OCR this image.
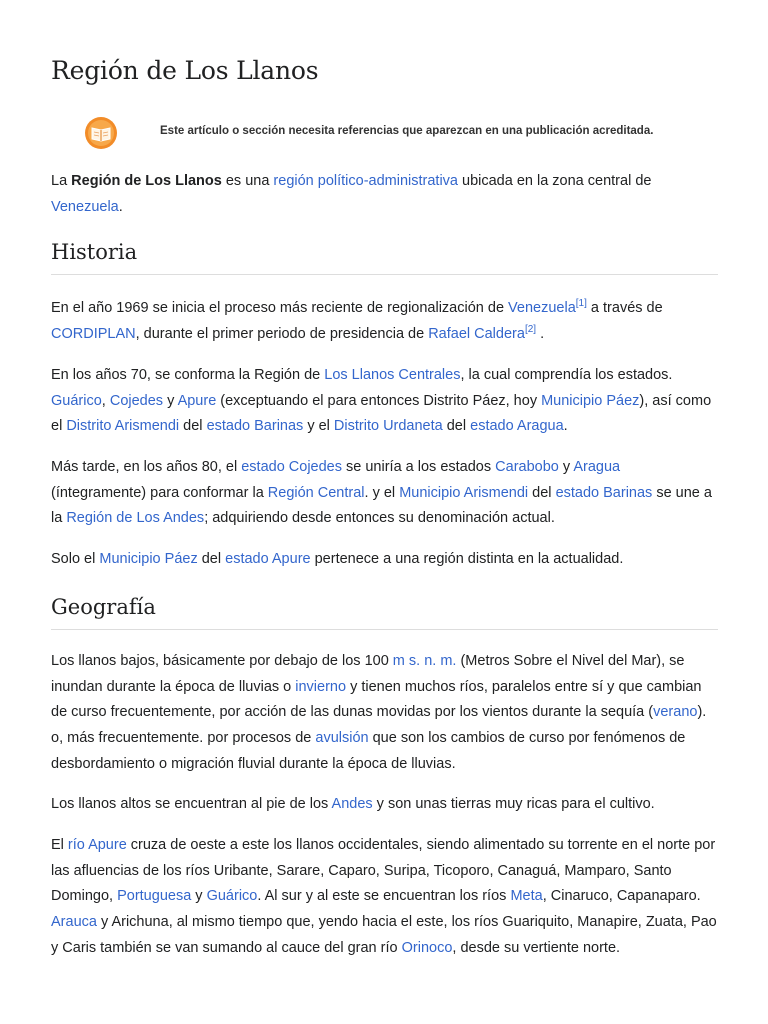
Región de Los Llanos
Este artículo o sección necesita referencias que aparezcan en una publicación acreditada.

La Región de Los Llanos es una región político-administrativa ubicada en la zona central de Venezuela.

Historia

En el año 1969 se inicia el proceso más reciente de regionalización de Venezuela[1] a través de CORDIPLAN, durante el primer periodo de presidencia de Rafael Caldera[2] .

En los años 70, se conforma la Región de Los Llanos Centrales, la cual comprendía los estados. Guárico, Cojedes y Apure (exceptuando el para entonces Distrito Páez, hoy Municipio Páez), así como el Distrito Arismendi del estado Barinas y el Distrito Urdaneta del estado Aragua.

Más tarde, en los años 80, el estado Cojedes se uniría a los estados Carabobo y Aragua (íntegramente) para conformar la Región Central. y el Municipio Arismendi del estado Barinas se une a la Región de Los Andes; adquiriendo desde entonces su denominación actual.

Solo el Municipio Páez del estado Apure pertenece a una región distinta en la actualidad.

Geografía

Los llanos bajos, básicamente por debajo de los 100 m s. n. m. (Metros Sobre el Nivel del Mar), se inundan durante la época de lluvias o invierno y tienen muchos ríos, paralelos entre sí y que cambian de curso frecuentemente, por acción de las dunas movidas por los vientos durante la sequía (verano). o, más frecuentemente. por procesos de avulsión que son los cambios de curso por fenómenos de desbordamiento o migración fluvial durante la época de lluvias.

Los llanos altos se encuentran al pie de los Andes y son unas tierras muy ricas para el cultivo.

El río Apure cruza de oeste a este los llanos occidentales, siendo alimentado su torrente en el norte por las afluencias de los ríos Uribante, Sarare, Caparo, Suripa, Ticoporo, Canaguá, Mamparo, Santo Domingo, Portuguesa y Guárico. Al sur y al este se encuentran los ríos Meta, Cinaruco, Capanaparo. Arauca y Arichuna, al mismo tiempo que, yendo hacia el este, los ríos Guariquito, Manapire, Zuata, Pao y Caris también se van sumando al cauce del gran río Orinoco, desde su vertiente norte.
